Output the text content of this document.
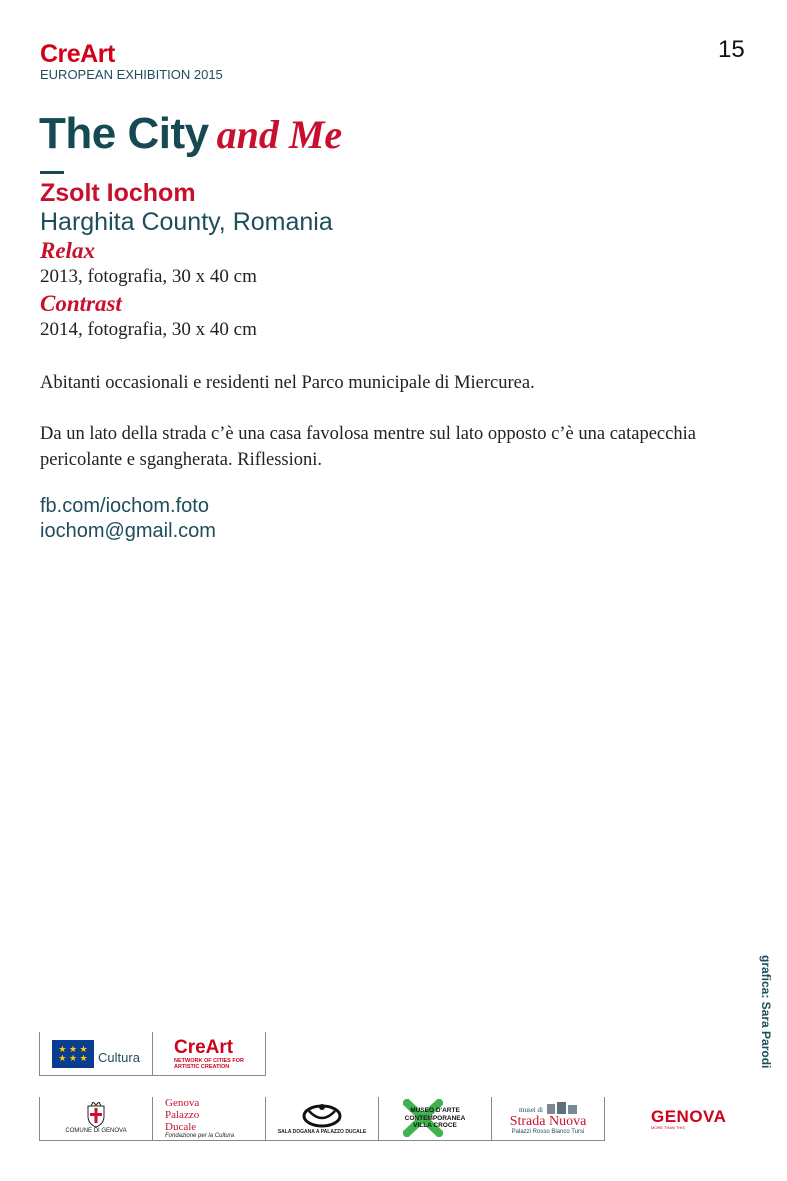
CreArt
EUROPEAN EXHIBITION 2015
15
The City and Me
Zsolt Iochom
Harghita County, Romania
Relax
2013, fotografia, 30 x 40 cm
Contrast
2014, fotografia, 30 x 40 cm
Abitanti occasionali e residenti nel Parco municipale di Miercurea.
Da un lato della strada c’è una casa favolosa mentre sul lato opposto c’è una catapecchia pericolante e sgangherata. Riflessioni.
fb.com/iochom.foto
iochom@gmail.com
grafica: Sara Parodi
★ ★ ★
★ ★ ★ Cultura CreArt
NETWORK OF CITIES FOR
ARTISTIC CREATION
COMUNE DI GENOVA
Genova Palazzo Ducale
Fondazione per la Cultura
SALA DOGANA A PALAZZO DUCALE
MUSEO D'ARTE CONTEMPORANEA VILLA CROCE
musei di
Strada Nuova
Palazzi Rosso Bianco Tursi
GENOVA
MORE THAN THIS
